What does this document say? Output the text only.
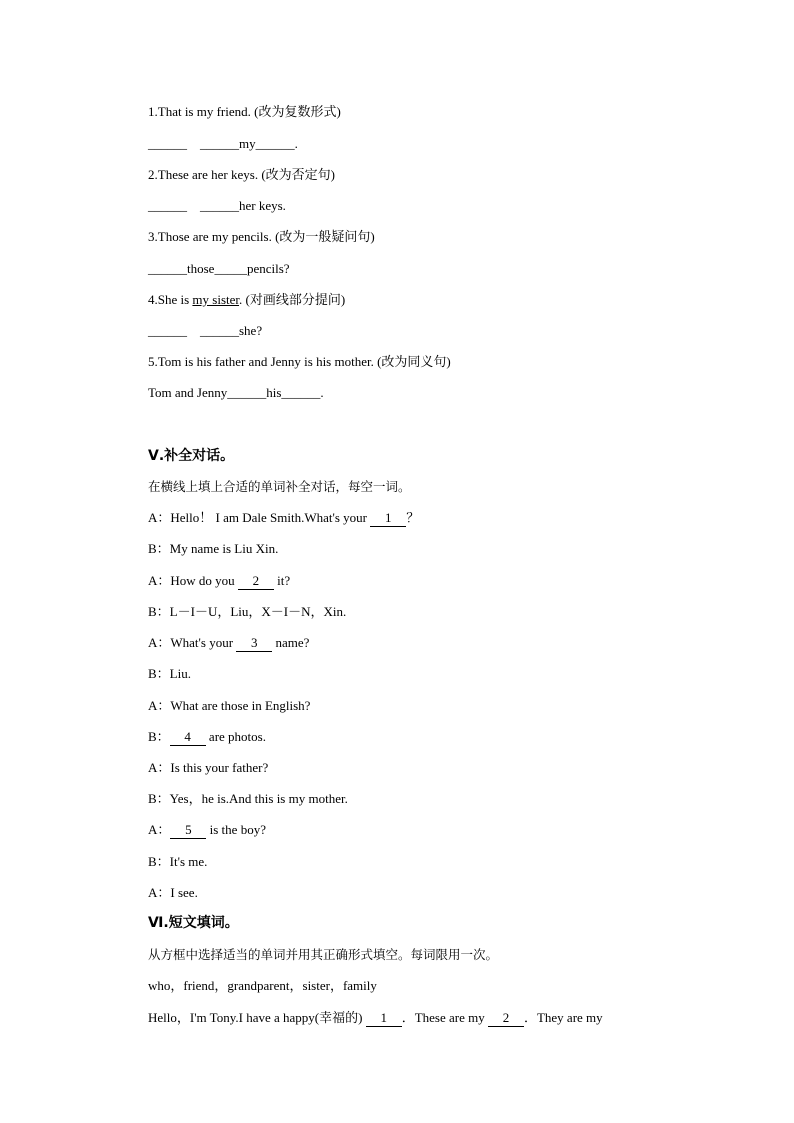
1.That is my friend. (改为复数形式)
______ ______my______.
2.These are her keys. (改为否定句)
______ ______her keys.
3.Those are my pencils. (改为一般疑问句)
______those_____pencils?
4.She is my sister. (对画线部分提问)
______ ______she?
5.Tom is his father and Jenny is his mother. (改为同义句)
Tom and Jenny______his______.
Ⅴ.补全对话。
在横线上填上合适的单词补全对话，每空一词。
A：Hello！ I am Dale Smith.What's your 1 ？
B：My name is Liu Xin.
A：How do you 2 it?
B：L－I－U，Liu，X－I－N，Xin.
A：What's your 3 name?
B：Liu.
A：What are those in English?
B： 4 are photos.
A：Is this your father?
B：Yes，he is.And this is my mother.
A： 5 is the boy?
B：It's me.
A：I see.
Ⅵ.短文填词。
从方框中选择适当的单词并用其正确形式填空。每词限用一次。
who，friend，grandparent，sister，family
Hello，I'm Tony.I have a happy(幸福的) 1 ．These are my 2 ．They are my
